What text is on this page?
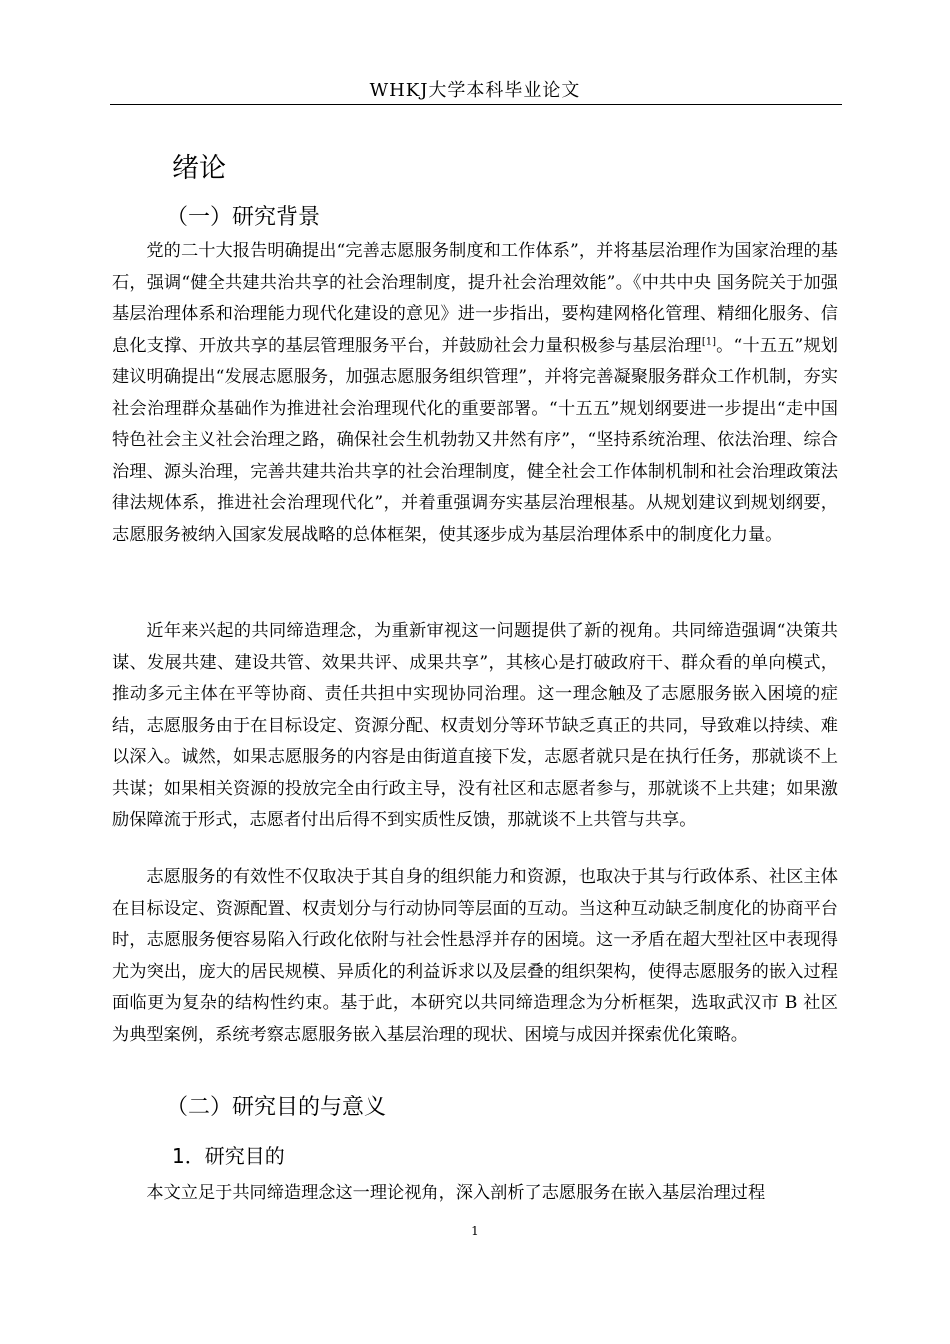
WHKJ大学本科毕业论文
绪论
（一）研究背景

党的二十大报告明确提出“完善志愿服务制度和工作体系”，并将基层治理作为国家治理的基石，强调“健全共建共治共享的社会治理制度，提升社会治理效能”。《中共中央 国务院关于加强基层治理体系和治理能力现代化建设的意见》进一步指出，要构建网格化管理、精细化服务、信息化支撑、开放共享的基层管理服务平台，并鼓励社会力量积极参与基层治理[1]。“十五五”规划建议明确提出“发展志愿服务，加强志愿服务组织管理”，并将完善凝聚服务群众工作机制，夯实社会治理群众基础作为推进社会治理现代化的重要部署。“十五五”规划纲要进一步提出“走中国特色社会主义社会治理之路，确保社会生机勃勃又井然有序”，“坚持系统治理、依法治理、综合治理、源头治理，完善共建共治共享的社会治理制度，健全社会工作体制机制和社会治理政策法律法规体系，推进社会治理现代化”，并着重强调夯实基层治理根基。从规划建议到规划纲要，志愿服务被纳入国家发展战略的总体框架，使其逐步成为基层治理体系中的制度化力量。

近年来兴起的共同缔造理念，为重新审视这一问题提供了新的视角。共同缔造强调“决策共谋、发展共建、建设共管、效果共评、成果共享”，其核心是打破政府干、群众看的单向模式，推动多元主体在平等协商、责任共担中实现协同治理。这一理念触及了志愿服务嵌入困境的症结，志愿服务由于在目标设定、资源分配、权责划分等环节缺乏真正的共同，导致难以持续、难以深入。诚然，如果志愿服务的内容是由街道直接下发，志愿者就只是在执行任务，那就谈不上共谋；如果相关资源的投放完全由行政主导，没有社区和志愿者参与，那就谈不上共建；如果激励保障流于形式，志愿者付出后得不到实质性反馈，那就谈不上共管与共享。

志愿服务的有效性不仅取决于其自身的组织能力和资源，也取决于其与行政体系、社区主体在目标设定、资源配置、权责划分与行动协同等层面的互动。当这种互动缺乏制度化的协商平台时，志愿服务便容易陷入行政化依附与社会性悬浮并存的困境。这一矛盾在超大型社区中表现得尤为突出，庞大的居民规模、异质化的利益诉求以及层叠的组织架构，使得志愿服务的嵌入过程面临更为复杂的结构性约束。基于此，本研究以共同缔造理念为分析框架，选取武汉市 B 社区为典型案例，系统考察志愿服务嵌入基层治理的现状、困境与成因并探索优化策略。

（二）研究目的与意义
1．研究目的

本文立足于共同缔造理念这一理论视角，深入剖析了志愿服务在嵌入基层治理过程

1
